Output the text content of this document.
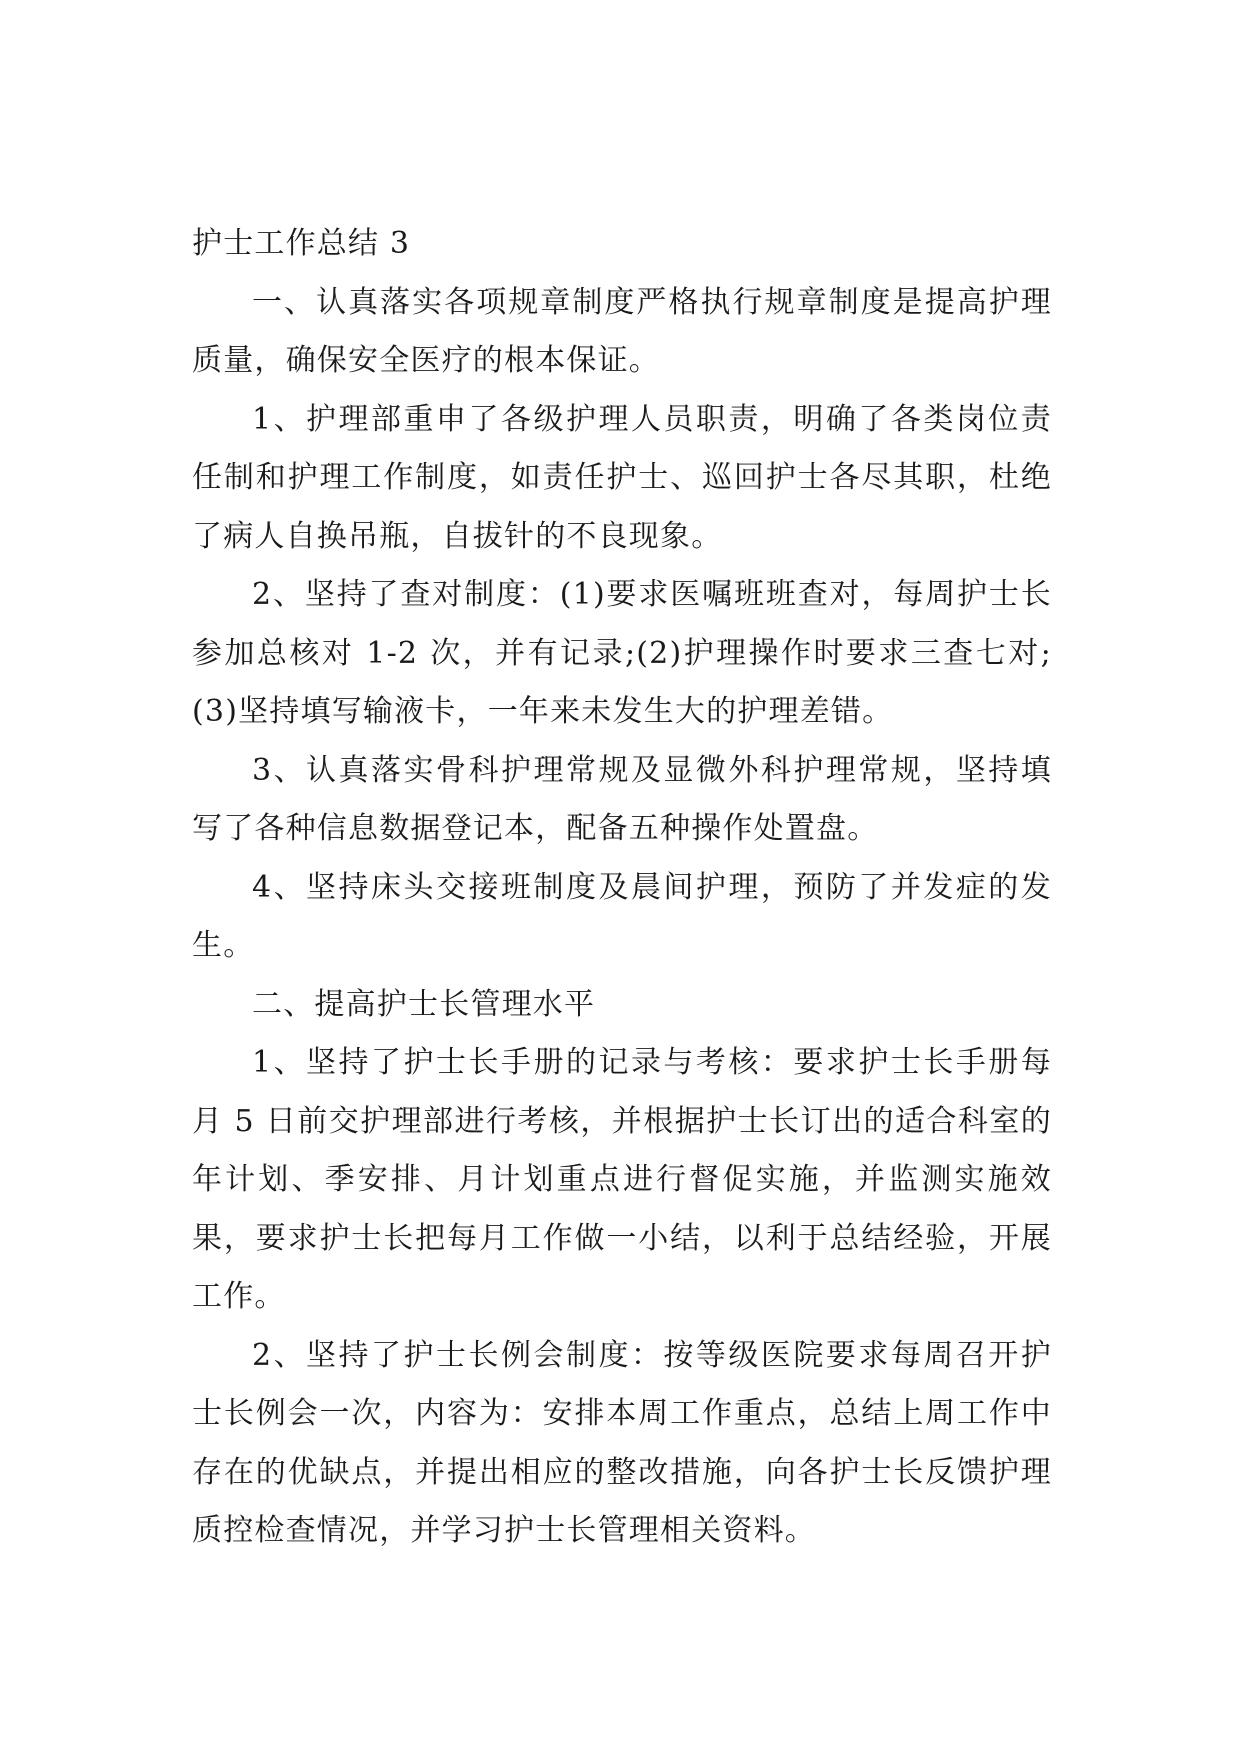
护士工作总结 3

一、认真落实各项规章制度严格执行规章制度是提高护理质量，确保安全医疗的根本保证。

1、护理部重申了各级护理人员职责，明确了各类岗位责任制和护理工作制度，如责任护士、巡回护士各尽其职，杜绝了病人自换吊瓶，自拔针的不良现象。

2、坚持了查对制度：(1)要求医嘱班班查对，每周护士长参加总核对 1-2 次，并有记录;(2)护理操作时要求三查七对;(3)坚持填写输液卡，一年来未发生大的护理差错。

3、认真落实骨科护理常规及显微外科护理常规，坚持填写了各种信息数据登记本，配备五种操作处置盘。

4、坚持床头交接班制度及晨间护理，预防了并发症的发生。

二、提高护士长管理水平

1、坚持了护士长手册的记录与考核：要求护士长手册每月 5 日前交护理部进行考核，并根据护士长订出的适合科室的年计划、季安排、月计划重点进行督促实施，并监测实施效果，要求护士长把每月工作做一小结，以利于总结经验，开展工作。

2、坚持了护士长例会制度：按等级医院要求每周召开护士长例会一次，内容为：安排本周工作重点，总结上周工作中存在的优缺点，并提出相应的整改措施，向各护士长反馈护理质控检查情况，并学习护士长管理相关资料。
